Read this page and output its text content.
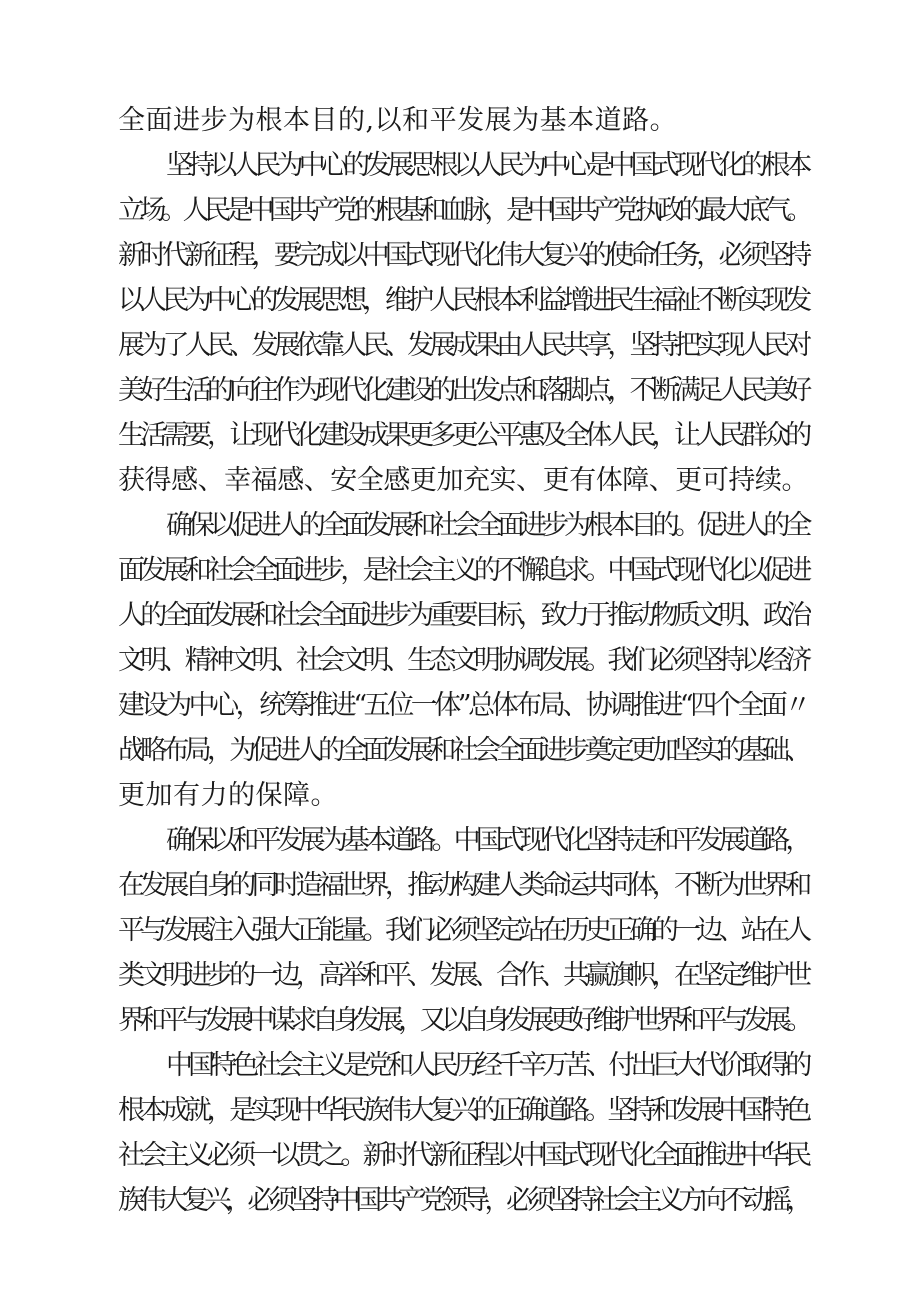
全面进步为根本目的,以和平发展为基本道路。
坚持以人民为中心的发展思根以人民为中心是中国式现代化的根本
立场。人民是中国共产党的根基和血脉，是中国共产党执政的最大底气。
新时代新征程，要完成以中国式现代化伟大复兴的使命任务，必须坚持
以人民为中心的发展思想，维护人民根本利益增进民生福祉不断实现发
展为了人民、发展依靠人民、发展成果由人民共享，坚持把实现人民对
美好生活的向往作为现代化建设的出发点和落脚点，不断满足人民美好
生活需要，让现代化建设成果更多更公平惠及全体人民，让人民群众的
获得感、幸福感、安全感更加充实、更有体障、更可持续。
确保以促进人的全面发展和社会全面进步为根本目的。促进人的全
面发展和社会全面进步，是社会主义的不懈追求。中国式现代化以促进
人的全面发展和社会全面进步为重要目标，致力于推动物质文明、政治
文明、精神文明、社会文明、生态文明协调发展。我们必须坚持以经济
建设为中心，统筹推进“五位一体”总体布局、协调推进“四个全面〃
战略布局，为促进人的全面发展和社会全面进步奠定更加坚实的基础、
更加有力的保障。
确保以和平发展为基本道路。中国式现代化坚持走和平发展道路，
在发展自身的同时造福世界，推动构建人类命运共同体，不断为世界和
平与发展注入强大正能量。我们必须坚定站在历史正确的一边、站在人
类文明进步的一边，高举和平、发展、合作、共赢旗帜，在坚定维护世
界和平与发展中谋求自身发展，又以自身发展更好维护世界和平与发展。
中国特色社会主义是党和人民历经千辛万苦、付出巨大代价取得的
根本成就，是实现中华民族伟大复兴的正确道路。坚持和发展中国特色
社会主义必须一以贯之。新时代新征程以中国式现代化全面推进中华民
族伟大复兴，必须坚持中国共产党领导，必须坚持社会主义方向不动摇，
